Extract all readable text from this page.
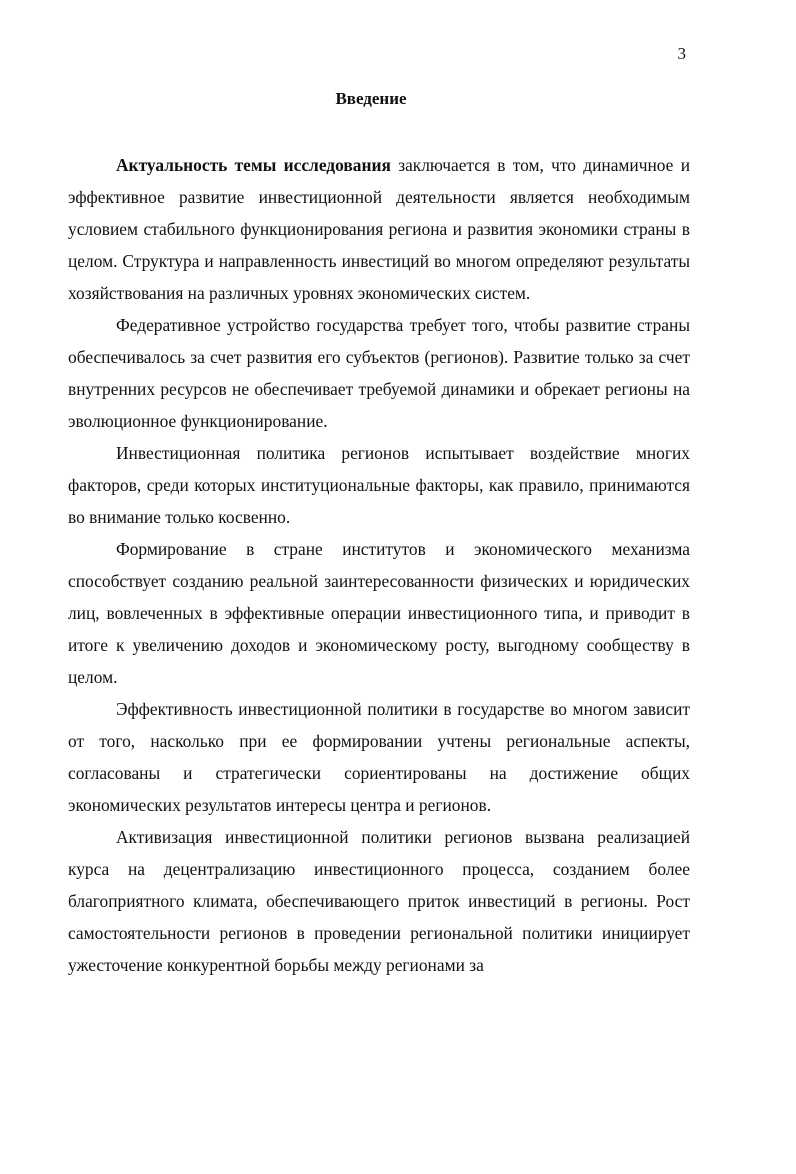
3
Введение

Актуальность темы исследования заключается в том, что динамичное и эффективное развитие инвестиционной деятельности является необходимым условием стабильного функционирования региона и развития экономики страны в целом. Структура и направленность инвестиций во многом определяют результаты хозяйствования на различных уровнях экономических систем.

Федеративное устройство государства требует того, чтобы развитие страны обеспечивалось за счет развития его субъектов (регионов). Развитие только за счет внутренних ресурсов не обеспечивает требуемой динамики и обрекает регионы на эволюционное функционирование.

Инвестиционная политика регионов испытывает воздействие многих факторов, среди которых институциональные факторы, как правило, принимаются во внимание только косвенно.

Формирование в стране институтов и экономического механизма способствует созданию реальной заинтересованности физических и юридических лиц, вовлеченных в эффективные операции инвестиционного типа, и приводит в итоге к увеличению доходов и экономическому росту, выгодному сообществу в целом.

Эффективность инвестиционной политики в государстве во многом зависит от того, насколько при ее формировании учтены региональные аспекты, согласованы и стратегически сориентированы на достижение общих экономических результатов интересы центра и регионов.

Активизация инвестиционной политики регионов вызвана реализацией курса на децентрализацию инвестиционного процесса, созданием более благоприятного климата, обеспечивающего приток инвестиций в регионы. Рост самостоятельности регионов в проведении региональной политики инициирует ужесточение конкурентной борьбы между регионами за
